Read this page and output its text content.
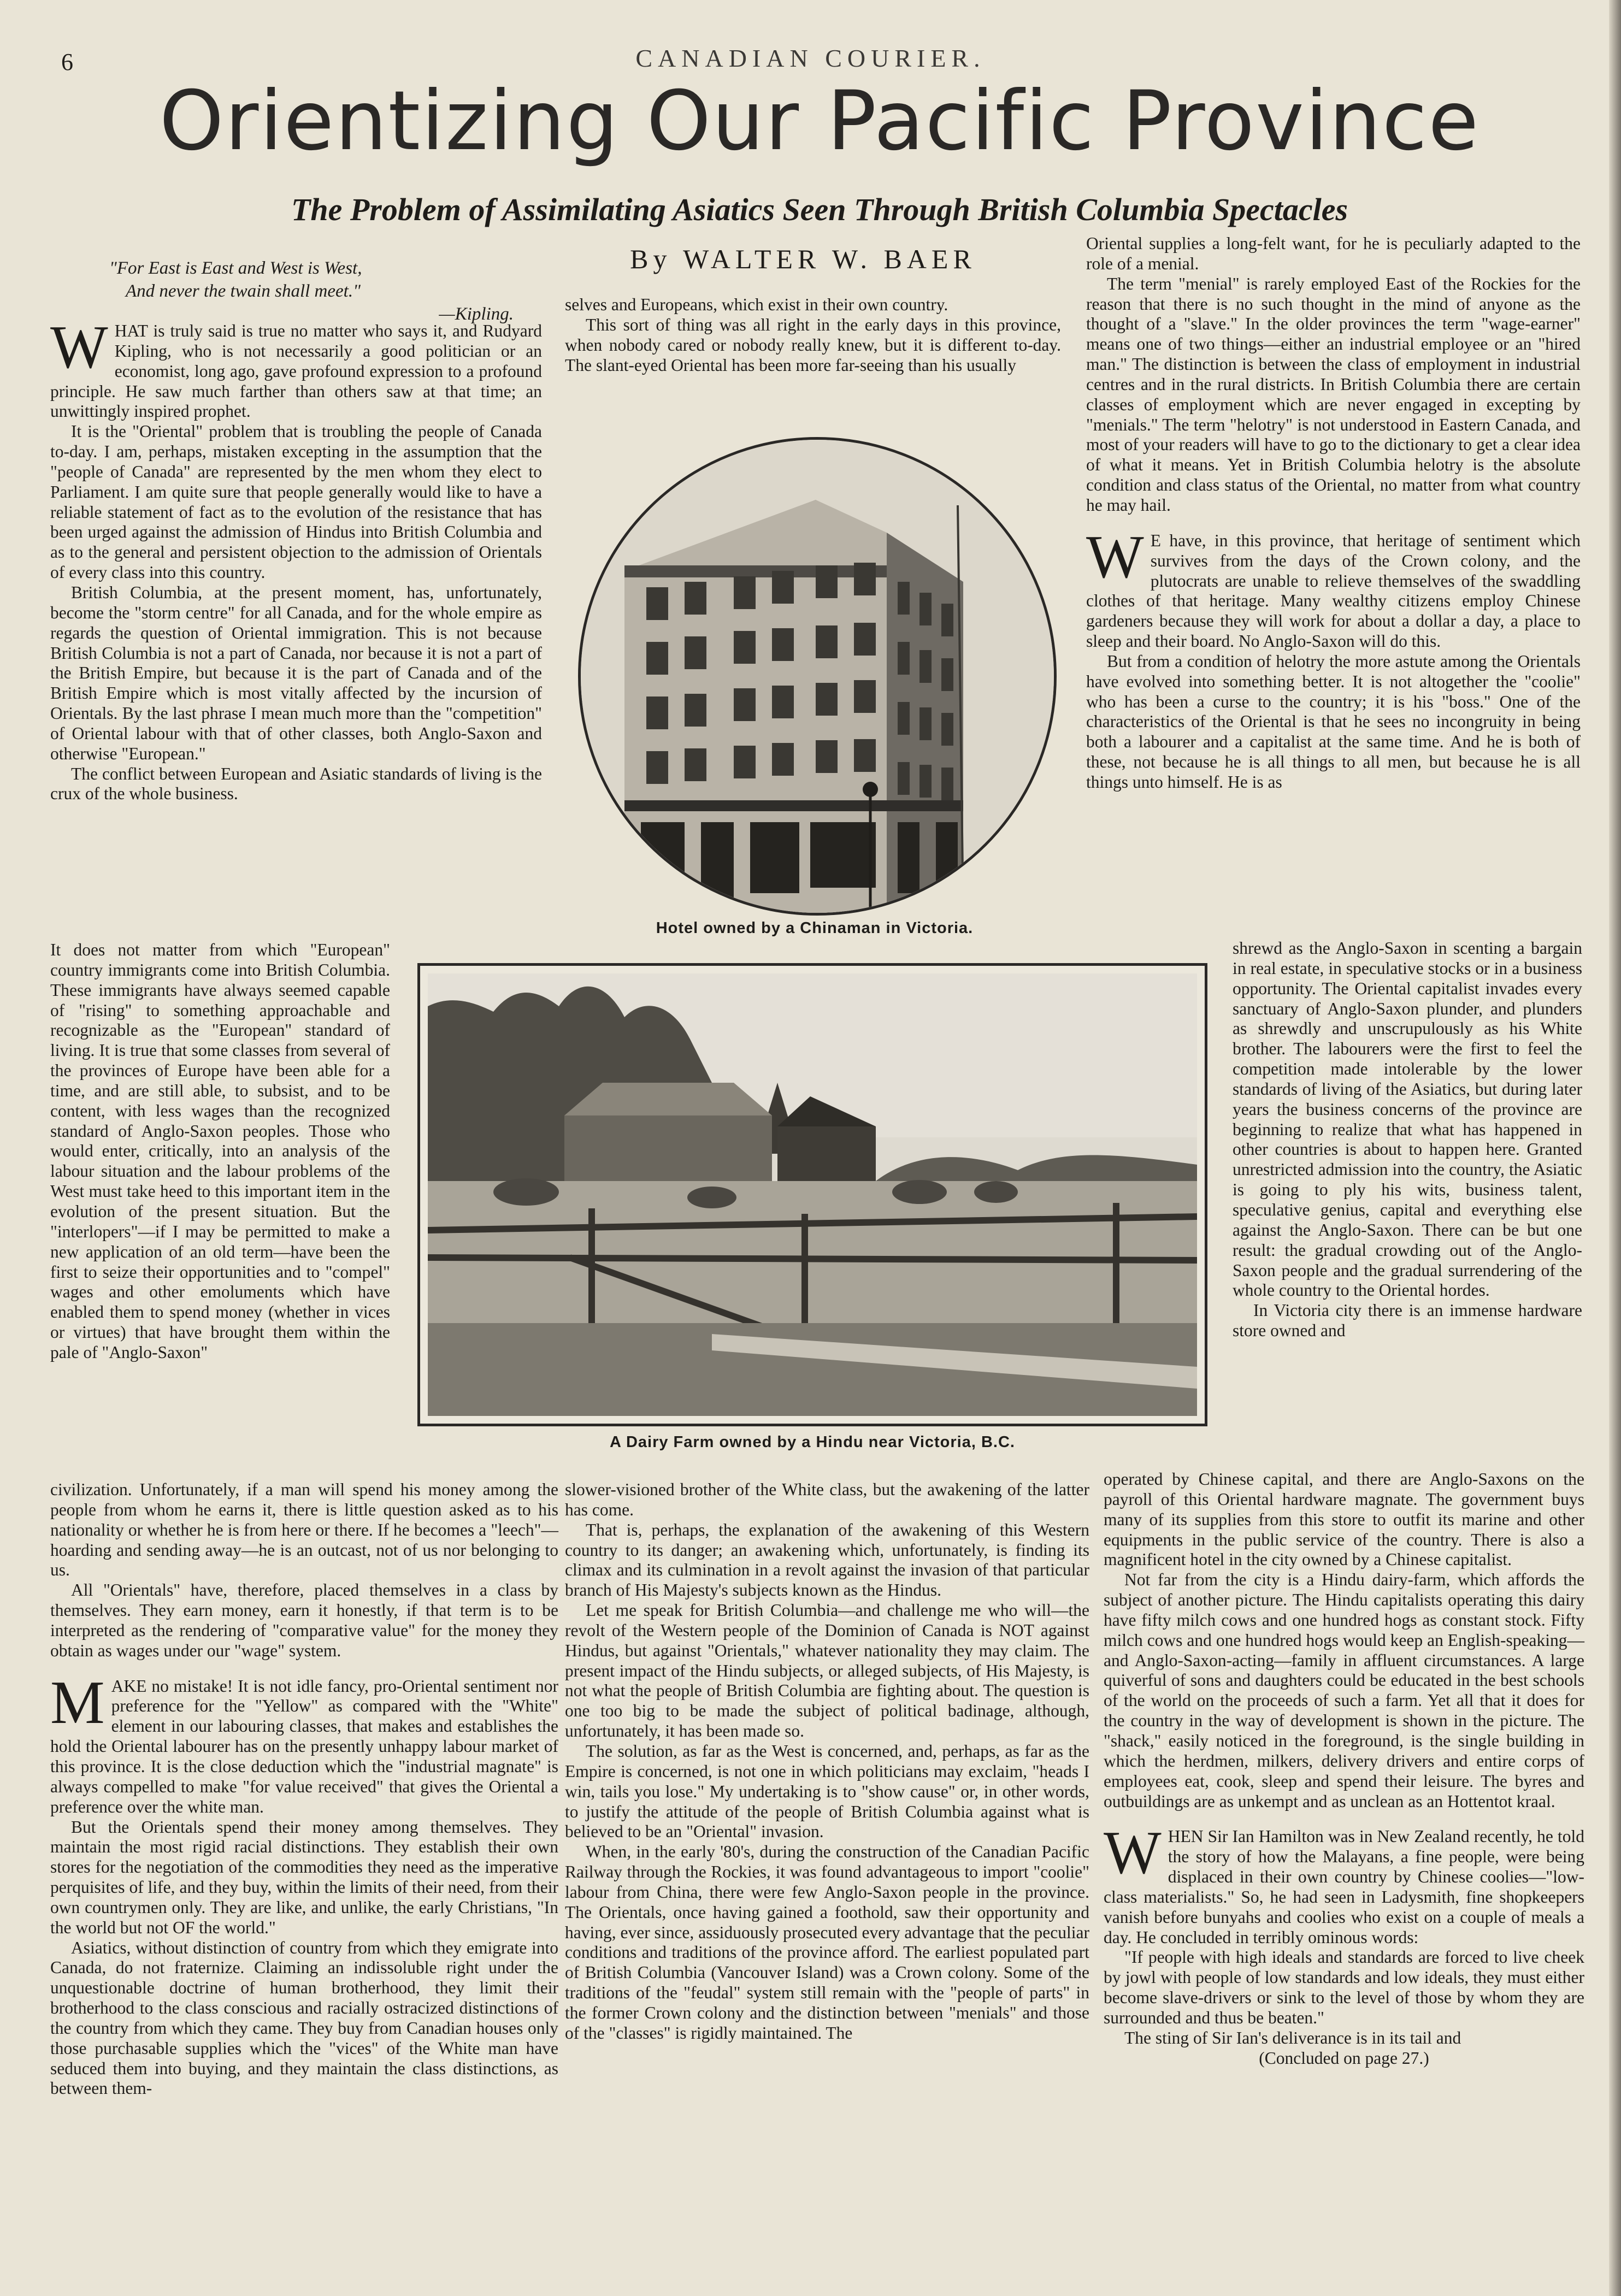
6	CANADIAN COURIER.
Orientizing Our Pacific Province
The Problem of Assimilating Asiatics Seen Through British Columbia Spectacles
By WALTER W. BAER
"For East is East and West is West,
And never the twain shall meet."
—Kipling.

WHAT is truly said is true no matter who says it, and Rudyard Kipling, who is not necessarily a good politician or an economist, long ago, gave profound expression to a profound principle. He saw much farther than others saw at that time; an unwittingly inspired prophet.

It is the "Oriental" problem that is troubling the people of Canada to-day. I am, perhaps, mistaken excepting in the assumption that the "people of Canada" are represented by the men whom they elect to Parliament. I am quite sure that people generally would like to have a reliable statement of fact as to the evolution of the resistance that has been urged against the admission of Hindus into British Columbia and as to the general and persistent objection to the admission of Orientals of every class into this country.

British Columbia, at the present moment, has, unfortunately, become the "storm centre" for all Canada, and for the whole empire as regards the question of Oriental immigration. This is not because British Columbia is not a part of Canada, nor because it is not a part of the British Empire, but because it is the part of Canada and of the British Empire which is most vitally affected by the incursion of Orientals. By the last phrase I mean much more than the "competition" of Oriental labour with that of other classes, both Anglo-Saxon and otherwise "European."

The conflict between European and Asiatic standards of living is the crux of the whole business.

It does not matter from which "European" country immigrants come into British Columbia. These immigrants have always seemed capable of "rising" to something approachable and recognizable as the "European" standard of living. It is true that some classes from several of the provinces of Europe have been able for a time, and are still able, to subsist, and to be content, with less wages than the recognized standard of Anglo-Saxon peoples. Those who would enter, critically, into an analysis of the labour situation and the labour problems of the West must take heed to this important item in the evolution of the present situation. But the "interlopers"—if I may be permitted to make a new application of an old term—have been the first to seize their opportunities and to "compel" wages and other emoluments which have enabled them to spend money (whether in vices or virtues) that have brought them within the pale of "Anglo-Saxon"

civilization. Unfortunately, if a man will spend his money among the people from whom he earns it, there is little question asked as to his nationality or whether he is from here or there. If he becomes a "leech"—hoarding and sending away—he is an outcast, not of us nor belonging to us.

All "Orientals" have, therefore, placed themselves in a class by themselves. They earn money, earn it honestly, if that term is to be interpreted as the rendering of "comparative value" for the money they obtain as wages under our "wage" system.

MAKE no mistake! It is not idle fancy, pro-Oriental sentiment nor preference for the "Yellow" as compared with the "White" element in our labouring classes, that makes and establishes the hold the Oriental labourer has on the presently unhappy labour market of this province. It is the close deduction which the "industrial magnate" is always compelled to make "for value received" that gives the Oriental a preference over the white man.

But the Orientals spend their money among themselves. They maintain the most rigid racial distinctions. They establish their own stores for the negotiation of the commodities they need as the imperative perquisites of life, and they buy, within the limits of their need, from their own countrymen only. They are like, and unlike, the early Christians, "In the world but not OF the world."

Asiatics, without distinction of country from which they emigrate into Canada, do not fraternize. Claiming an indissoluble right under the unquestionable doctrine of human brotherhood, they limit their brotherhood to the class conscious and racially ostracized distinctions of the country from which they came. They buy from Canadian houses only those purchasable supplies which the "vices" of the White man have seduced them into buying, and they maintain the class distinctions, as between them-

selves and Europeans, which exist in their own country.

This sort of thing was all right in the early days in this province, when nobody cared or nobody really knew, but it is different to-day. The slant-eyed Oriental has been more far-seeing than his usually

Hotel owned by a Chinaman in Victoria.
A Dairy Farm owned by a Hindu near Victoria, B.C.

slower-visioned brother of the White class, but the awakening of the latter has come.

That is, perhaps, the explanation of the awakening of this Western country to its danger; an awakening which, unfortunately, is finding its climax and its culmination in a revolt against the invasion of that particular branch of His Majesty's subjects known as the Hindus.

Let me speak for British Columbia—and challenge me who will—the revolt of the Western people of the Dominion of Canada is NOT against Hindus, but against "Orientals," whatever nationality they may claim. The present impact of the Hindu subjects, or alleged subjects, of His Majesty, is not what the people of British Columbia are fighting about. The question is one too big to be made the subject of political badinage, although, unfortunately, it has been made so.

The solution, as far as the West is concerned, and, perhaps, as far as the Empire is concerned, is not one in which politicians may exclaim, "heads I win, tails you lose." My undertaking is to "show cause" or, in other words, to justify the attitude of the people of British Columbia against what is believed to be an "Oriental" invasion.

When, in the early '80's, during the construction of the Canadian Pacific Railway through the Rockies, it was found advantageous to import "coolie" labour from China, there were few Anglo-Saxon people in the province. The Orientals, once having gained a foothold, saw their opportunity and having, ever since, assiduously prosecuted every advantage that the peculiar conditions and traditions of the province afford. The earliest populated part of British Columbia (Vancouver Island) was a Crown colony. Some of the traditions of the "feudal" system still remain with the "people of parts" in the former Crown colony and the distinction between "menials" and those of the "classes" is rigidly maintained. The

Oriental supplies a long-felt want, for he is peculiarly adapted to the role of a menial.

The term "menial" is rarely employed East of the Rockies for the reason that there is no such thought in the mind of anyone as the thought of a "slave." In the older provinces the term "wage-earner" means one of two things—either an industrial employee or an "hired man." The distinction is between the class of employment in industrial centres and in the rural districts. In British Columbia there are certain classes of employment which are never engaged in excepting by "menials." The term "helotry" is not understood in Eastern Canada, and most of your readers will have to go to the dictionary to get a clear idea of what it means. Yet in British Columbia helotry is the absolute condition and class status of the Oriental, no matter from what country he may hail.

W E have, in this province, that heritage of sentiment which survives from the days of the Crown colony, and the plutocrats are unable to relieve themselves of the swaddling clothes of that heritage. Many wealthy citizens employ Chinese gardeners because they will work for about a dollar a day, a place to sleep and their board. No Anglo-Saxon will do this.

But from a condition of helotry the more astute among the Orientals have evolved into something better. It is not altogether the "coolie" who has been a curse to the country; it is his "boss." One of the characteristics of the Oriental is that he sees no incongruity in being both a labourer and a capitalist at the same time. And he is both of these, not because he is all things to all men, but because he is all things unto himself. He is as

shrewd as the Anglo-Saxon in scenting a bargain in real estate, in speculative stocks or in a business opportunity. The Oriental capitalist invades every sanctuary of Anglo-Saxon plunder, and plunders as shrewdly and unscrupulously as his White brother. The labourers were the first to feel the competition made intolerable by the lower standards of living of the Asiatics, but during later years the business concerns of the province are beginning to realize that what has happened in other countries is about to happen here. Granted unrestricted admission into the country, the Asiatic is going to ply his wits, business talent, speculative genius, capital and everything else against the Anglo-Saxon. There can be but one result: the gradual crowding out of the Anglo-Saxon people and the gradual surrendering of the whole country to the Oriental hordes.

In Victoria city there is an immense hardware store owned and

operated by Chinese capital, and there are Anglo-Saxons on the payroll of this Oriental hardware magnate. The government buys many of its supplies from this store to outfit its marine and other equipments in the public service of the country. There is also a magnificent hotel in the city owned by a Chinese capitalist.

Not far from the city is a Hindu dairy-farm, which affords the subject of another picture. The Hindu capitalists operating this dairy have fifty milch cows and one hundred hogs as constant stock. Fifty milch cows and one hundred hogs would keep an English-speaking—and Anglo-Saxon-acting—family in affluent circumstances. A large quiverful of sons and daughters could be educated in the best schools of the world on the proceeds of such a farm. Yet all that it does for the country in the way of development is shown in the picture. The "shack," easily noticed in the foreground, is the single building in which the herdmen, milkers, delivery drivers and entire corps of employees eat, cook, sleep and spend their leisure. The byres and outbuildings are as unkempt and as unclean as an Hottentot kraal.

WHEN Sir Ian Hamilton was in New Zealand recently, he told the story of how the Malayans, a fine people, were being displaced in their own country by Chinese coolies—"low-class materialists." So, he had seen in Ladysmith, fine shopkeepers vanish before bunyahs and coolies who exist on a couple of meals a day. He concluded in terribly ominous words:

"If people with high ideals and standards are forced to live cheek by jowl with people of low standards and low ideals, they must either become slave-drivers or sink to the level of those by whom they are surrounded and thus be beaten."

The sting of Sir Ian's deliverance is in its tail and

(Concluded on page 27.)
